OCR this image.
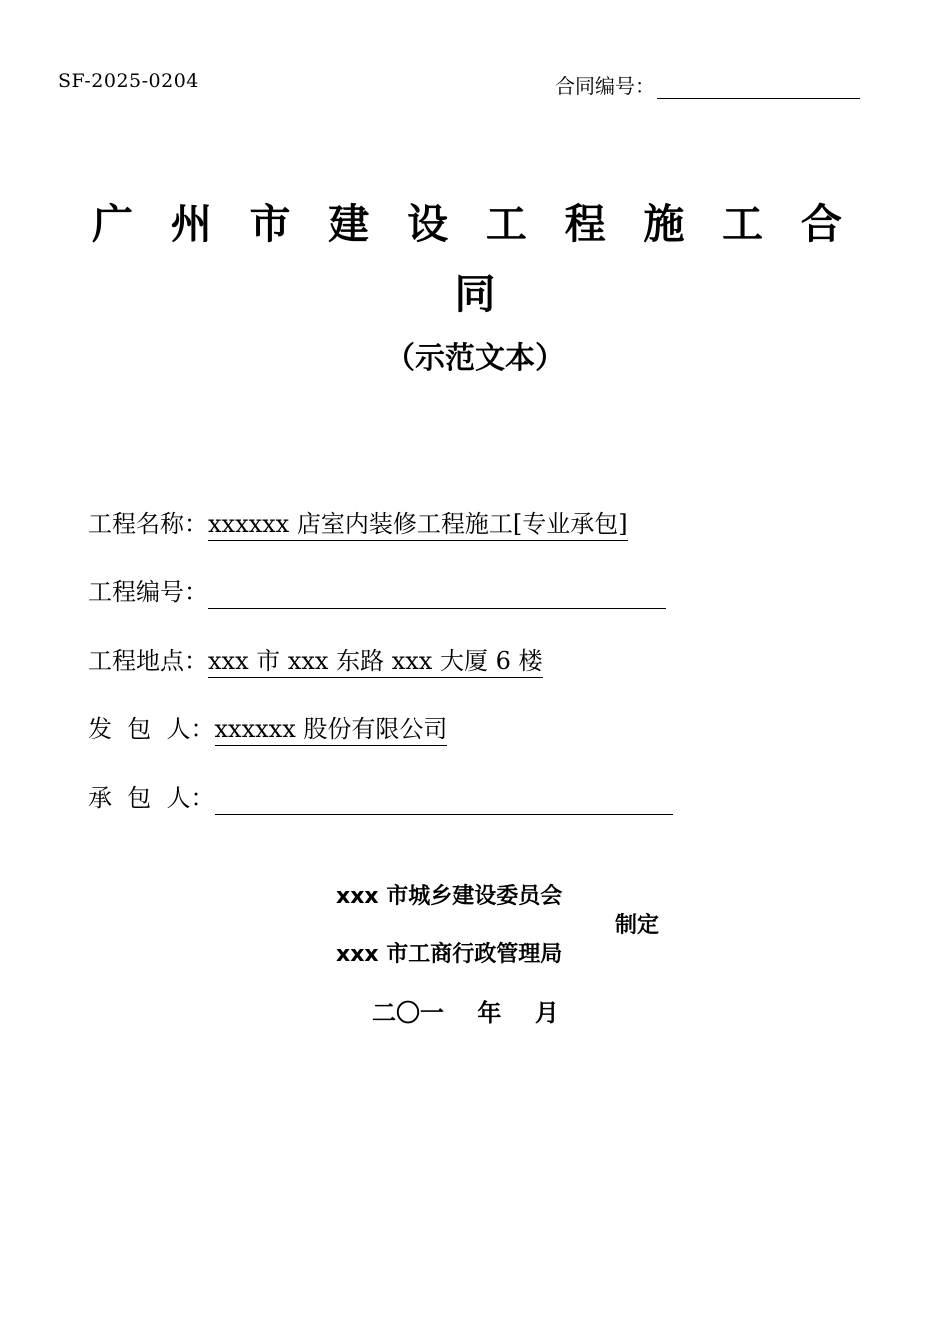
SF-2025-0204	合同编号：
广 州 市 建 设 工 程 施 工 合
同
（示范文本）
工程名称： xxxxxx 店室内装修工程施工[专业承包]
工程编号：
工程地点： xxx 市 xxx 东路 xxx 大厦 6 楼
发  包  人： xxxxxx 股份有限公司
承  包  人：
xxx 市城乡建设委员会
制定
xxx 市工商行政管理局
二〇一    年    月
